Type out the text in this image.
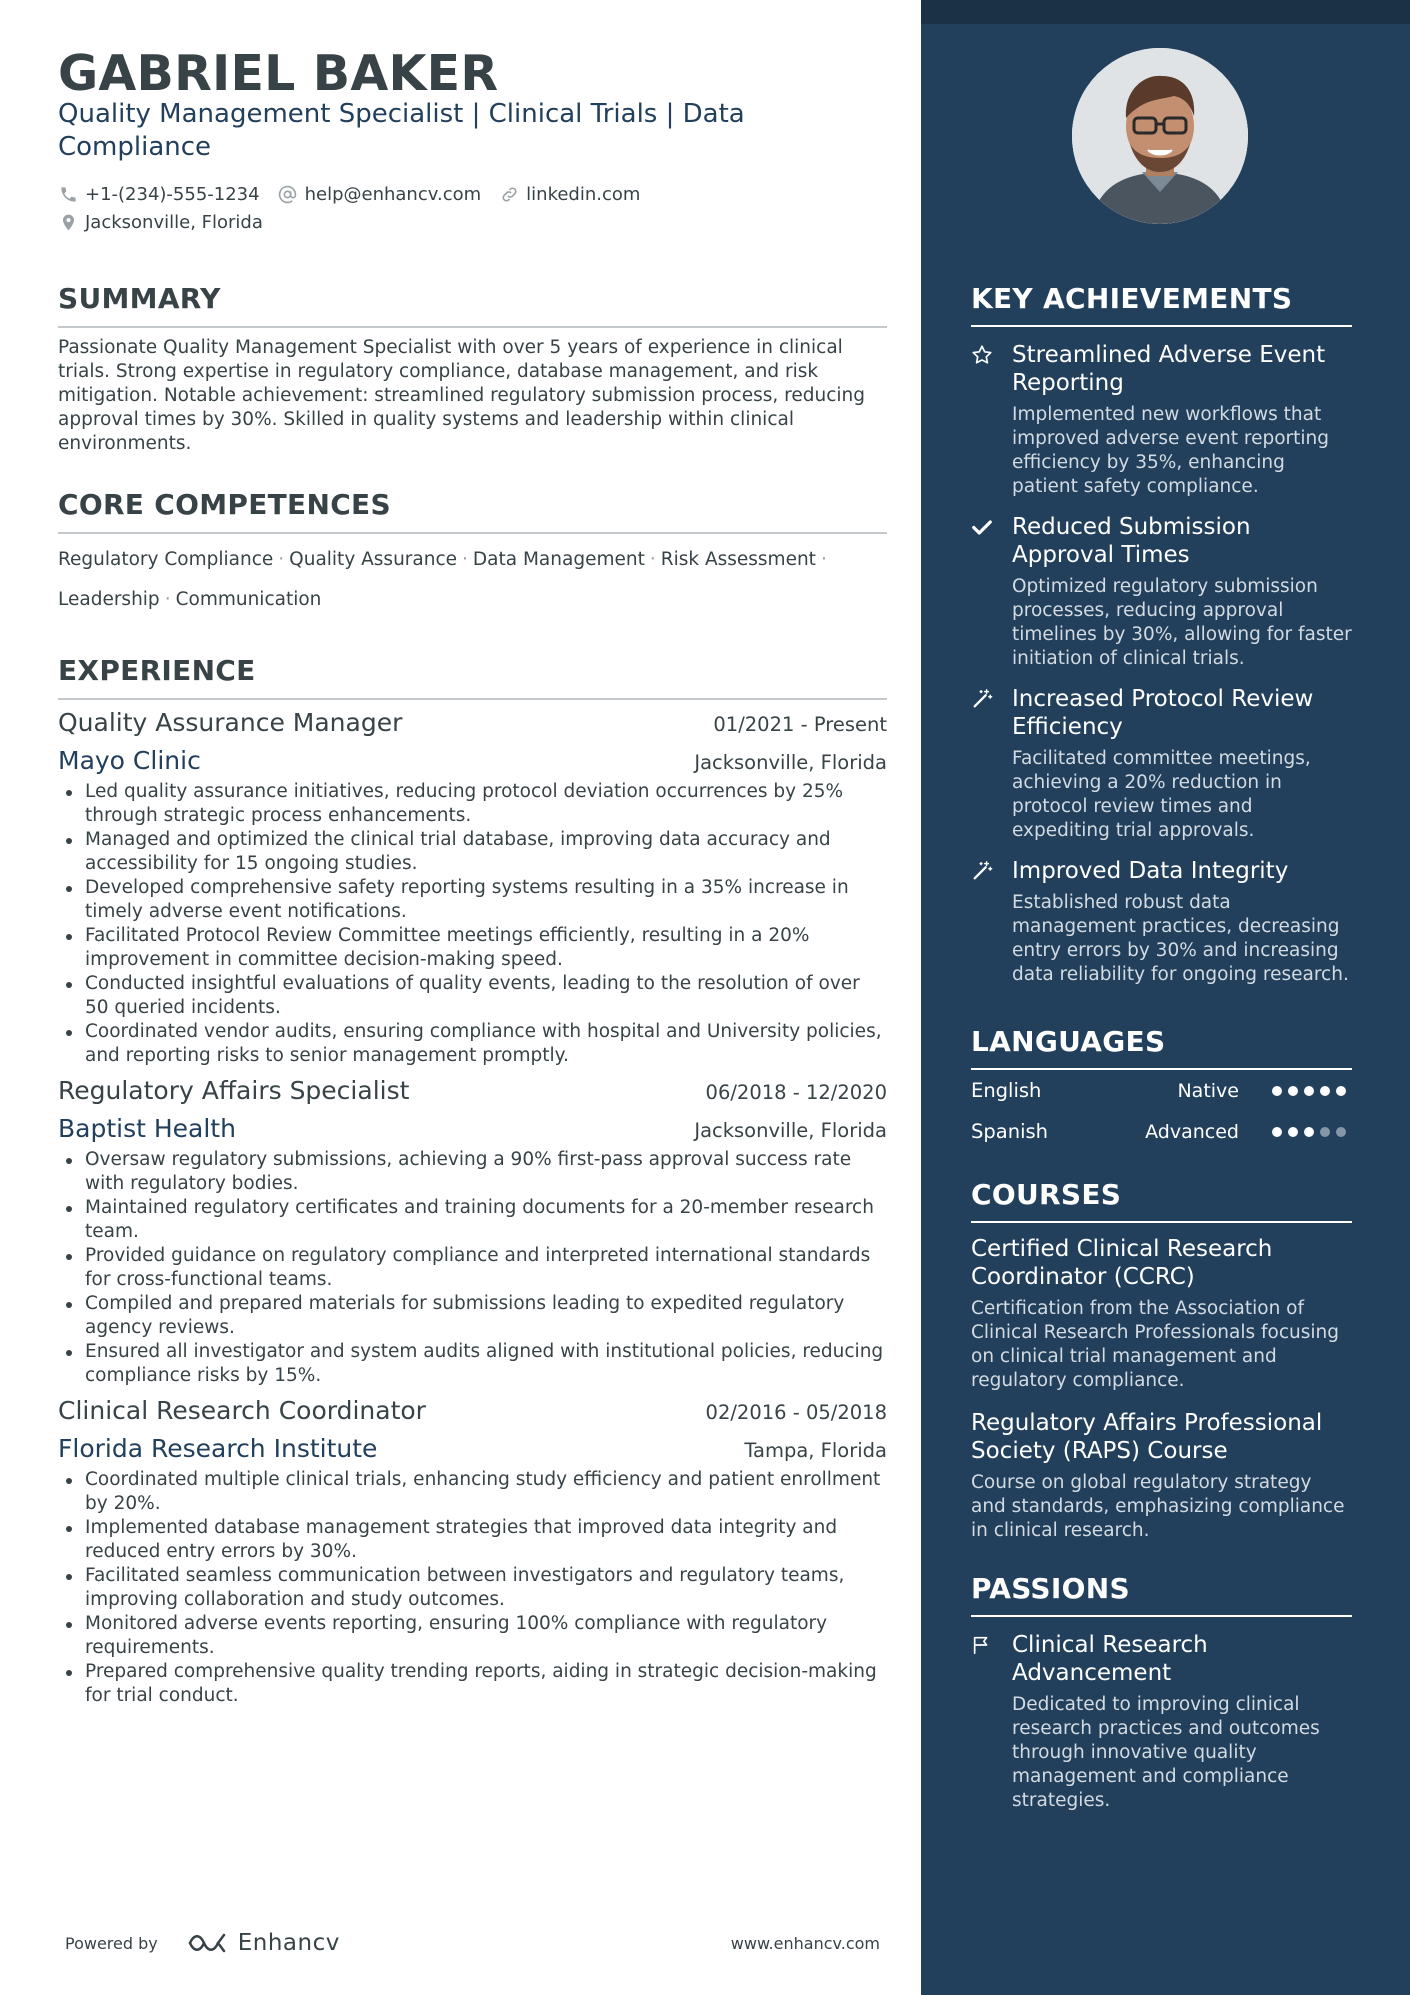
GABRIEL BAKER
Quality Management Specialist | Clinical Trials | Data Compliance
+1-(234)-555-1234	help@enhancv.com	linkedin.com
Jacksonville, Florida
SUMMARY

Passionate Quality Management Specialist with over 5 years of experience in clinical trials. Strong expertise in regulatory compliance, database management, and risk mitigation. Notable achievement: streamlined regulatory submission process, reducing approval times by 30%. Skilled in quality systems and leadership within clinical environments.

CORE COMPETENCES
Regulatory Compliance · Quality Assurance · Data Management · Risk Assessment ·
Leadership · Communication
EXPERIENCE
Quality Assurance Manager	01/2021 - Present
Mayo Clinic	Jacksonville, Florida
Led quality assurance initiatives, reducing protocol deviation occurrences by 25% through strategic process enhancements.
Managed and optimized the clinical trial database, improving data accuracy and accessibility for 15 ongoing studies.
Developed comprehensive safety reporting systems resulting in a 35% increase in timely adverse event notifications.
Facilitated Protocol Review Committee meetings efficiently, resulting in a 20% improvement in committee decision-making speed.
Conducted insightful evaluations of quality events, leading to the resolution of over 50 queried incidents.
Coordinated vendor audits, ensuring compliance with hospital and University policies, and reporting risks to senior management promptly.
Regulatory Affairs Specialist	06/2018 - 12/2020
Baptist Health	Jacksonville, Florida
Oversaw regulatory submissions, achieving a 90% first-pass approval success rate with regulatory bodies.
Maintained regulatory certificates and training documents for a 20-member research team.
Provided guidance on regulatory compliance and interpreted international standards for cross-functional teams.
Compiled and prepared materials for submissions leading to expedited regulatory agency reviews.
Ensured all investigator and system audits aligned with institutional policies, reducing compliance risks by 15%.
Clinical Research Coordinator	02/2016 - 05/2018
Florida Research Institute	Tampa, Florida
Coordinated multiple clinical trials, enhancing study efficiency and patient enrollment by 20%.
Implemented database management strategies that improved data integrity and reduced entry errors by 30%.
Facilitated seamless communication between investigators and regulatory teams, improving collaboration and study outcomes.
Monitored adverse events reporting, ensuring 100% compliance with regulatory requirements.
Prepared comprehensive quality trending reports, aiding in strategic decision-making for trial conduct.
Powered by	Enhancv	www.enhancv.com
KEY ACHIEVEMENTS
Streamlined Adverse Event Reporting
Implemented new workflows that improved adverse event reporting efficiency by 35%, enhancing patient safety compliance.
Reduced Submission Approval Times
Optimized regulatory submission processes, reducing approval timelines by 30%, allowing for faster initiation of clinical trials.
Increased Protocol Review Efficiency
Facilitated committee meetings, achieving a 20% reduction in protocol review times and expediting trial approvals.
Improved Data Integrity
Established robust data management practices, decreasing entry errors by 30% and increasing data reliability for ongoing research.
LANGUAGES
English	Native
Spanish	Advanced
COURSES
Certified Clinical Research Coordinator (CCRC)
Certification from the Association of Clinical Research Professionals focusing on clinical trial management and regulatory compliance.
Regulatory Affairs Professional Society (RAPS) Course
Course on global regulatory strategy and standards, emphasizing compliance in clinical research.
PASSIONS
Clinical Research Advancement
Dedicated to improving clinical research practices and outcomes through innovative quality management and compliance strategies.
